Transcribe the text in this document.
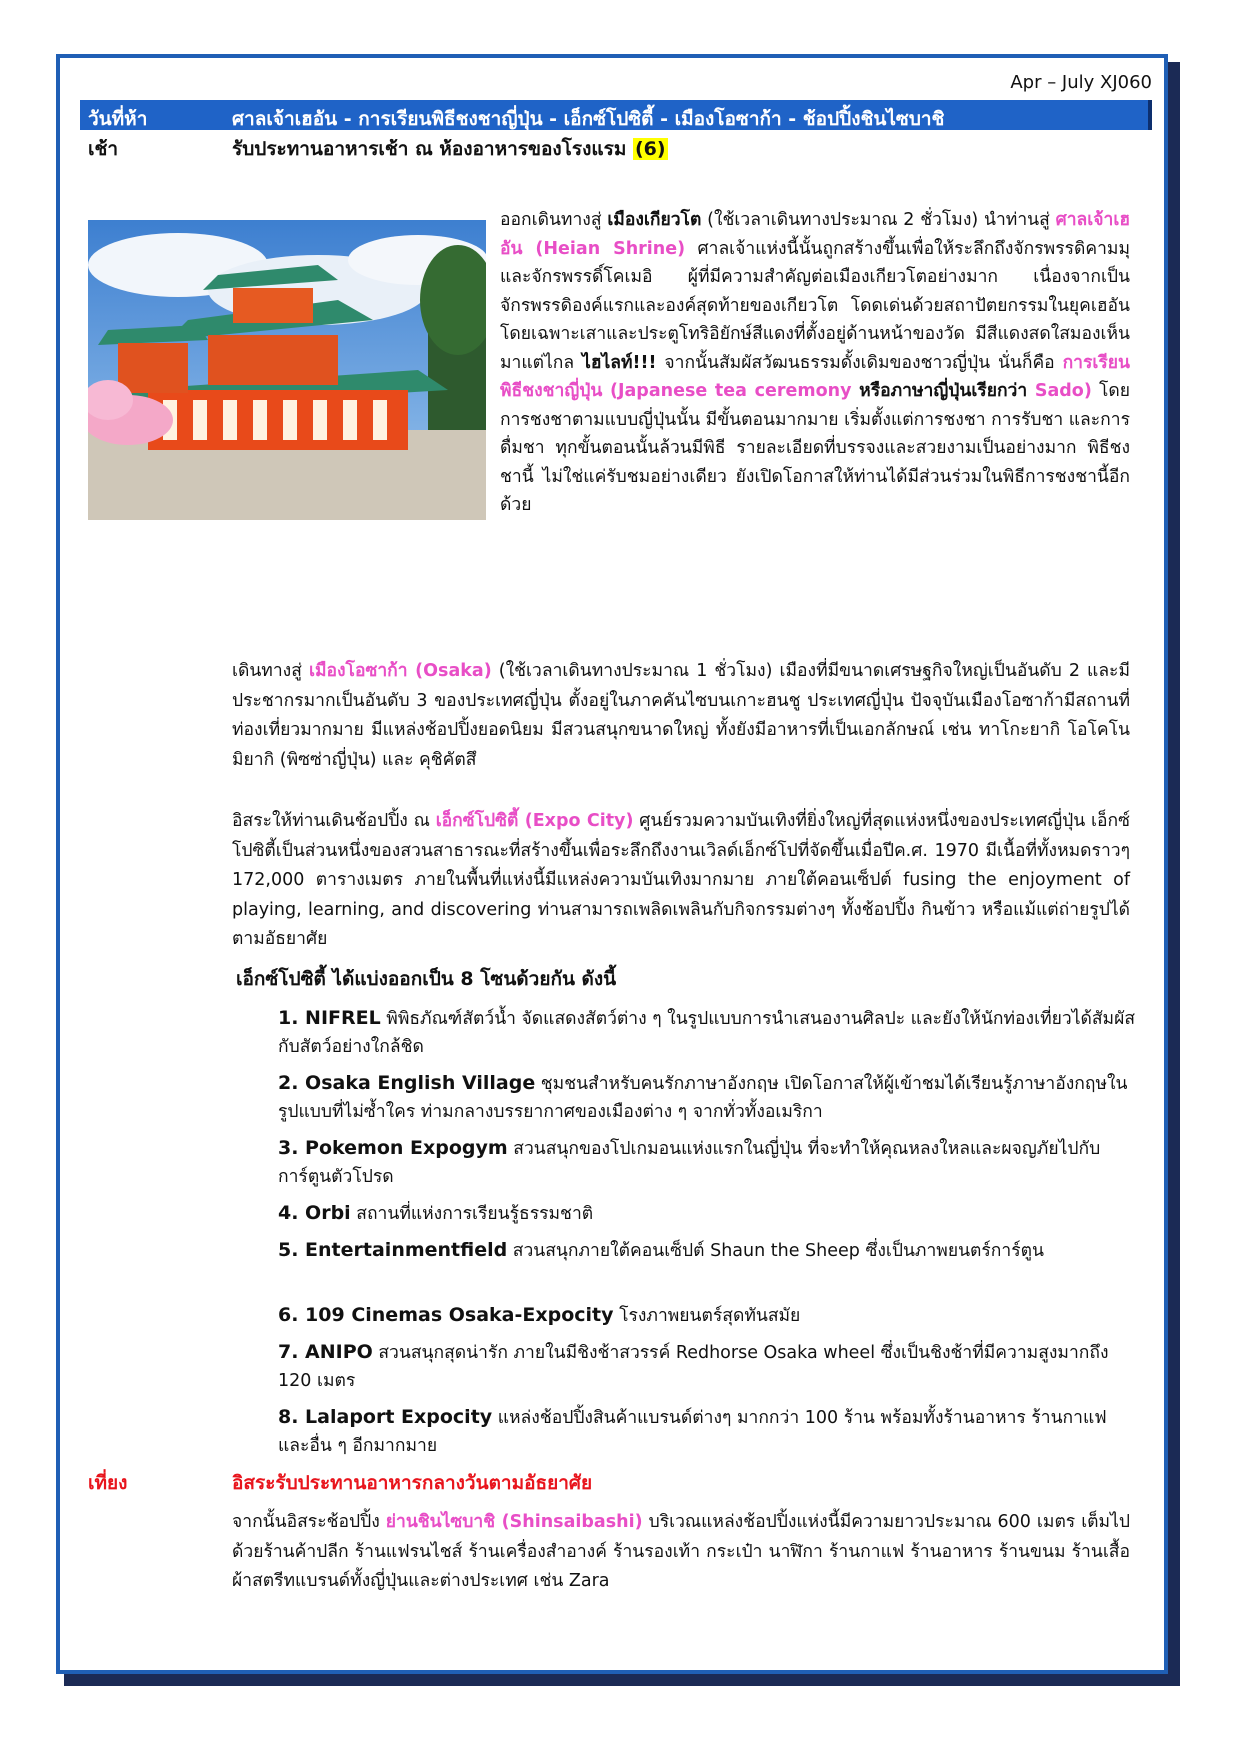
Apr – July XJ060
วันที่ห้า	ศาลเจ้าเฮอัน - การเรียนพิธีชงชาญี่ปุ่น - เอ็กซ์โปซิตี้ - เมืองโอซาก้า - ช้อปปิ้งชินไซบาชิ
เช้า	รับประทานอาหารเช้า ณ ห้องอาหารของโรงแรม (6)

ออกเดินทางสู่ เมืองเกียวโต (ใช้เวลาเดินทางประมาณ 2 ชั่วโมง) นำท่านสู่ ศาลเจ้าเฮอัน (Heian Shrine) ศาลเจ้าแห่งนี้นั้นถูกสร้างขึ้นเพื่อให้ระลึกถึงจักรพรรดิคามมุและจักรพรรดิ์โคเมอิ ผู้ที่มีความสำคัญต่อเมืองเกียวโตอย่างมาก เนื่องจากเป็นจักรพรรดิองค์แรกและองค์สุดท้ายของเกียวโต โดดเด่นด้วยสถาปัตยกรรมในยุคเฮอัน โดยเฉพาะเสาและประตูโทริอิยักษ์สีแดงที่ตั้งอยู่ด้านหน้าของวัด มีสีแดงสดใสมองเห็นมาแต่ไกล ไฮไลท์!!! จากนั้นสัมผัสวัฒนธรรมดั้งเดิมของชาวญี่ปุ่น นั่นก็คือ การเรียนพิธีชงชาญี่ปุ่น (Japanese tea ceremony หรือภาษาญี่ปุ่นเรียกว่า Sado) โดยการชงชาตามแบบญี่ปุ่นนั้น มีขั้นตอนมากมาย เริ่มตั้งแต่การชงชา การรับชา และการดื่มชา ทุกขั้นตอนนั้นล้วนมีพิธี รายละเอียดที่บรรจงและสวยงามเป็นอย่างมาก พิธีชงชานี้ ไม่ใช่แค่รับชมอย่างเดียว ยังเปิดโอกาสให้ท่านได้มีส่วนร่วมในพิธีการชงชานี้อีกด้วย

เดินทางสู่ เมืองโอซาก้า (Osaka) (ใช้เวลาเดินทางประมาณ 1 ชั่วโมง) เมืองที่มีขนาดเศรษฐกิจใหญ่เป็นอันดับ 2 และมีประชากรมากเป็นอันดับ 3 ของประเทศญี่ปุ่น ตั้งอยู่ในภาคคันไซบนเกาะฮนชู ประเทศญี่ปุ่น ปัจจุบันเมืองโอซาก้ามีสถานที่ท่องเที่ยวมากมาย มีแหล่งช้อปปิ้งยอดนิยม มีสวนสนุกขนาดใหญ่ ทั้งยังมีอาหารที่เป็นเอกลักษณ์ เช่น ทาโกะยากิ โอโคโนมิยากิ (พิซซ่าญี่ปุ่น) และ คุชิคัตสึ

อิสระให้ท่านเดินช้อปปิ้ง ณ เอ็กซ์โปซิตี้ (Expo City) ศูนย์รวมความบันเทิงที่ยิ่งใหญ่ที่สุดแห่งหนึ่งของประเทศญี่ปุ่น เอ็กซ์โปซิตี้เป็นส่วนหนึ่งของสวนสาธารณะที่สร้างขึ้นเพื่อระลึกถึงงานเวิลด์เอ็กซ์โปที่จัดขึ้นเมื่อปีค.ศ. 1970 มีเนื้อที่ทั้งหมดราวๆ 172,000 ตารางเมตร ภายในพื้นที่แห่งนี้มีแหล่งความบันเทิงมากมาย ภายใต้คอนเซ็ปต์ fusing the enjoyment of playing, learning, and discovering ท่านสามารถเพลิดเพลินกับกิจกรรมต่างๆ ทั้งช้อปปิ้ง กินข้าว หรือแม้แต่ถ่ายรูปได้ตามอัธยาศัย

เอ็กซ์โปซิตี้ ได้แบ่งออกเป็น 8 โซนด้วยกัน ดังนี้
1. NIFREL พิพิธภัณฑ์สัตว์น้ำ จัดแสดงสัตว์ต่าง ๆ ในรูปแบบการนำเสนองานศิลปะ และยังให้นักท่องเที่ยวได้สัมผัสกับสัตว์อย่างใกล้ชิด
2. Osaka English Village ชุมชนสำหรับคนรักภาษาอังกฤษ เปิดโอกาสให้ผู้เข้าชมได้เรียนรู้ภาษาอังกฤษในรูปแบบที่ไม่ซ้ำใคร ท่ามกลางบรรยากาศของเมืองต่าง ๆ จากทั่วทั้งอเมริกา
3. Pokemon Expogym สวนสนุกของโปเกมอนแห่งแรกในญี่ปุ่น ที่จะทำให้คุณหลงใหลและผจญภัยไปกับการ์ตูนตัวโปรด
4. Orbi สถานที่แห่งการเรียนรู้ธรรมชาติ
5. Entertainmentfield สวนสนุกภายใต้คอนเซ็ปต์ Shaun the Sheep ซึ่งเป็นภาพยนตร์การ์ตูน
6. 109 Cinemas Osaka-Expocity โรงภาพยนตร์สุดทันสมัย
7. ANIPO สวนสนุกสุดน่ารัก ภายในมีชิงช้าสวรรค์ Redhorse Osaka wheel ซึ่งเป็นชิงช้าที่มีความสูงมากถึง 120 เมตร
8. Lalaport Expocity แหล่งช้อปปิ้งสินค้าแบรนด์ต่างๆ มากกว่า 100 ร้าน พร้อมทั้งร้านอาหาร ร้านกาแฟ และอื่น ๆ อีกมากมาย
เที่ยง	อิสระรับประทานอาหารกลางวันตามอัธยาศัย

จากนั้นอิสระช้อปปิ้ง ย่านชินไซบาชิ (Shinsaibashi) บริเวณแหล่งช้อปปิ้งแห่งนี้มีความยาวประมาณ 600 เมตร เต็มไปด้วยร้านค้าปลีก ร้านแฟรนไชส์ ร้านเครื่องสำอางค์ ร้านรองเท้า กระเป๋า นาฬิกา ร้านกาแฟ ร้านอาหาร ร้านขนม ร้านเสื้อผ้าสตรีทแบรนด์ทั้งญี่ปุ่นและต่างประเทศ เช่น Zara
